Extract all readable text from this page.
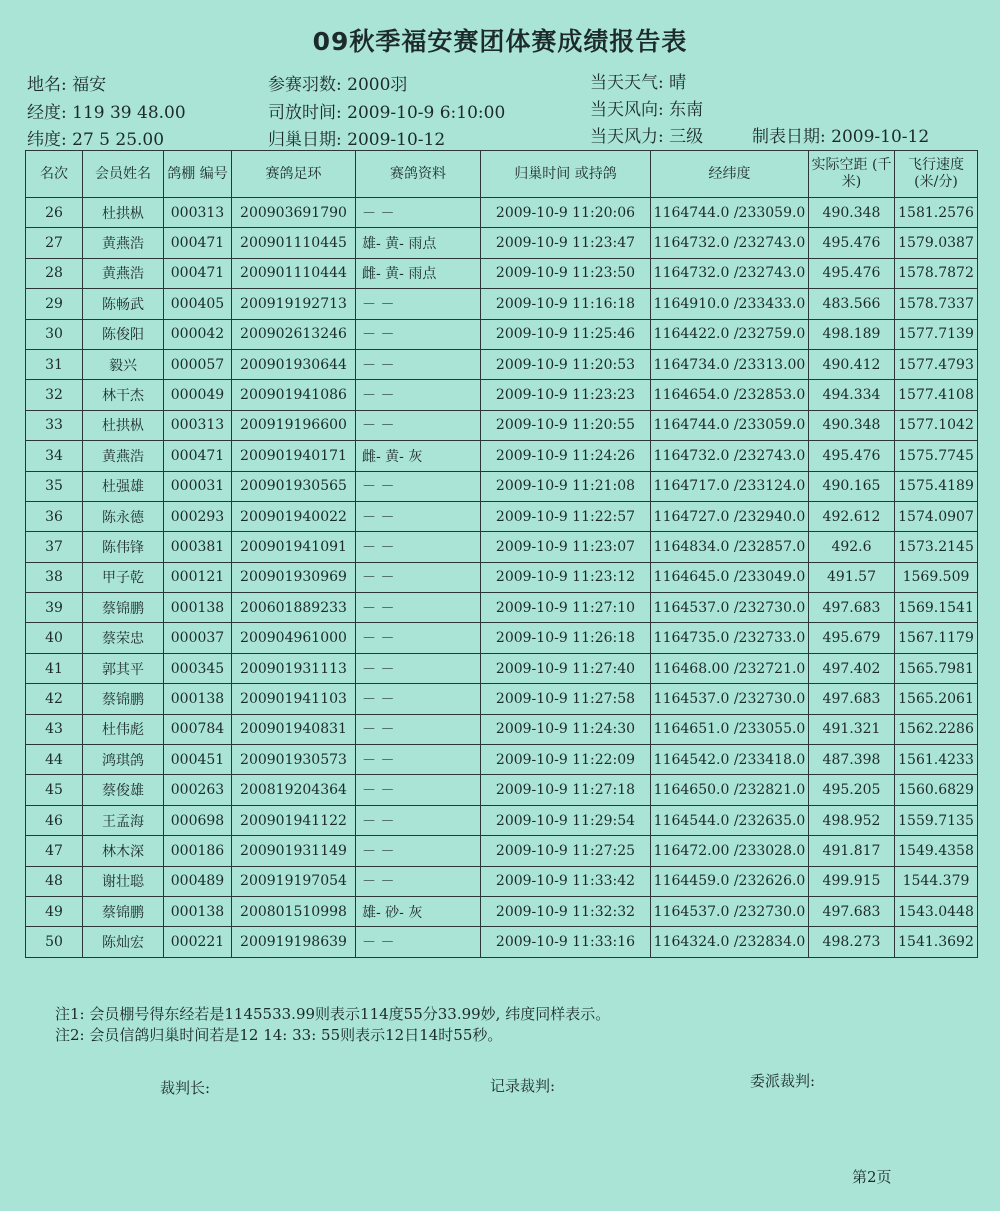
09秋季福安赛团体赛成绩报告表
地名: 福安
经度: 119 39 48.00
纬度: 27 5 25.00
参赛羽数: 2000羽
司放时间: 2009-10-9 6:10:00
归巢日期: 2009-10-12
当天天气: 晴
当天风向: 东南
当天风力: 三级	制表日期: 2009-10-12
名次	会员姓名	鸽棚 编号	赛鸽足环	赛鸽资料	归巢时间 或持鸽	经纬度	实际空距 (千米)	飞行速度 (米/分)
26	杜拱枞	000313	200903691790	－ －	2009-10-9 11:20:06	1164744.0 /233059.0	490.348	1581.2576
27	黄燕浩	000471	200901110445	雄- 黄- 雨点	2009-10-9 11:23:47	1164732.0 /232743.0	495.476	1579.0387
28	黄燕浩	000471	200901110444	雌- 黄- 雨点	2009-10-9 11:23:50	1164732.0 /232743.0	495.476	1578.7872
29	陈畅武	000405	200919192713	－ －	2009-10-9 11:16:18	1164910.0 /233433.0	483.566	1578.7337
30	陈俊阳	000042	200902613246	－ －	2009-10-9 11:25:46	1164422.0 /232759.0	498.189	1577.7139
31	毅兴	000057	200901930644	－ －	2009-10-9 11:20:53	1164734.0 /23313.00	490.412	1577.4793
32	林干杰	000049	200901941086	－ －	2009-10-9 11:23:23	1164654.0 /232853.0	494.334	1577.4108
33	杜拱枞	000313	200919196600	－ －	2009-10-9 11:20:55	1164744.0 /233059.0	490.348	1577.1042
34	黄燕浩	000471	200901940171	雌- 黄- 灰	2009-10-9 11:24:26	1164732.0 /232743.0	495.476	1575.7745
35	杜强雄	000031	200901930565	－ －	2009-10-9 11:21:08	1164717.0 /233124.0	490.165	1575.4189
36	陈永德	000293	200901940022	－ －	2009-10-9 11:22:57	1164727.0 /232940.0	492.612	1574.0907
37	陈伟锋	000381	200901941091	－ －	2009-10-9 11:23:07	1164834.0 /232857.0	492.6	1573.2145
38	甲子乾	000121	200901930969	－ －	2009-10-9 11:23:12	1164645.0 /233049.0	491.57	1569.509
39	蔡锦鹏	000138	200601889233	－ －	2009-10-9 11:27:10	1164537.0 /232730.0	497.683	1569.1541
40	蔡荣忠	000037	200904961000	－ －	2009-10-9 11:26:18	1164735.0 /232733.0	495.679	1567.1179
41	郭其平	000345	200901931113	－ －	2009-10-9 11:27:40	116468.00 /232721.0	497.402	1565.7981
42	蔡锦鹏	000138	200901941103	－ －	2009-10-9 11:27:58	1164537.0 /232730.0	497.683	1565.2061
43	杜伟彪	000784	200901940831	－ －	2009-10-9 11:24:30	1164651.0 /233055.0	491.321	1562.2286
44	鸿琪鸽	000451	200901930573	－ －	2009-10-9 11:22:09	1164542.0 /233418.0	487.398	1561.4233
45	蔡俊雄	000263	200819204364	－ －	2009-10-9 11:27:18	1164650.0 /232821.0	495.205	1560.6829
46	王孟海	000698	200901941122	－ －	2009-10-9 11:29:54	1164544.0 /232635.0	498.952	1559.7135
47	林木深	000186	200901931149	－ －	2009-10-9 11:27:25	116472.00 /233028.0	491.817	1549.4358
48	谢壮聪	000489	200919197054	－ －	2009-10-9 11:33:42	1164459.0 /232626.0	499.915	1544.379
49	蔡锦鹏	000138	200801510998	雄- 砂- 灰	2009-10-9 11:32:32	1164537.0 /232730.0	497.683	1543.0448
50	陈灿宏	000221	200919198639	－ －	2009-10-9 11:33:16	1164324.0 /232834.0	498.273	1541.3692
注1: 会员棚号得东经若是1145533.99则表示114度55分33.99妙, 纬度同样表示。
注2: 会员信鸽归巢时间若是12 14: 33: 55则表示12日14时55秒。
裁判长:	记录裁判:	委派裁判:
第2页
